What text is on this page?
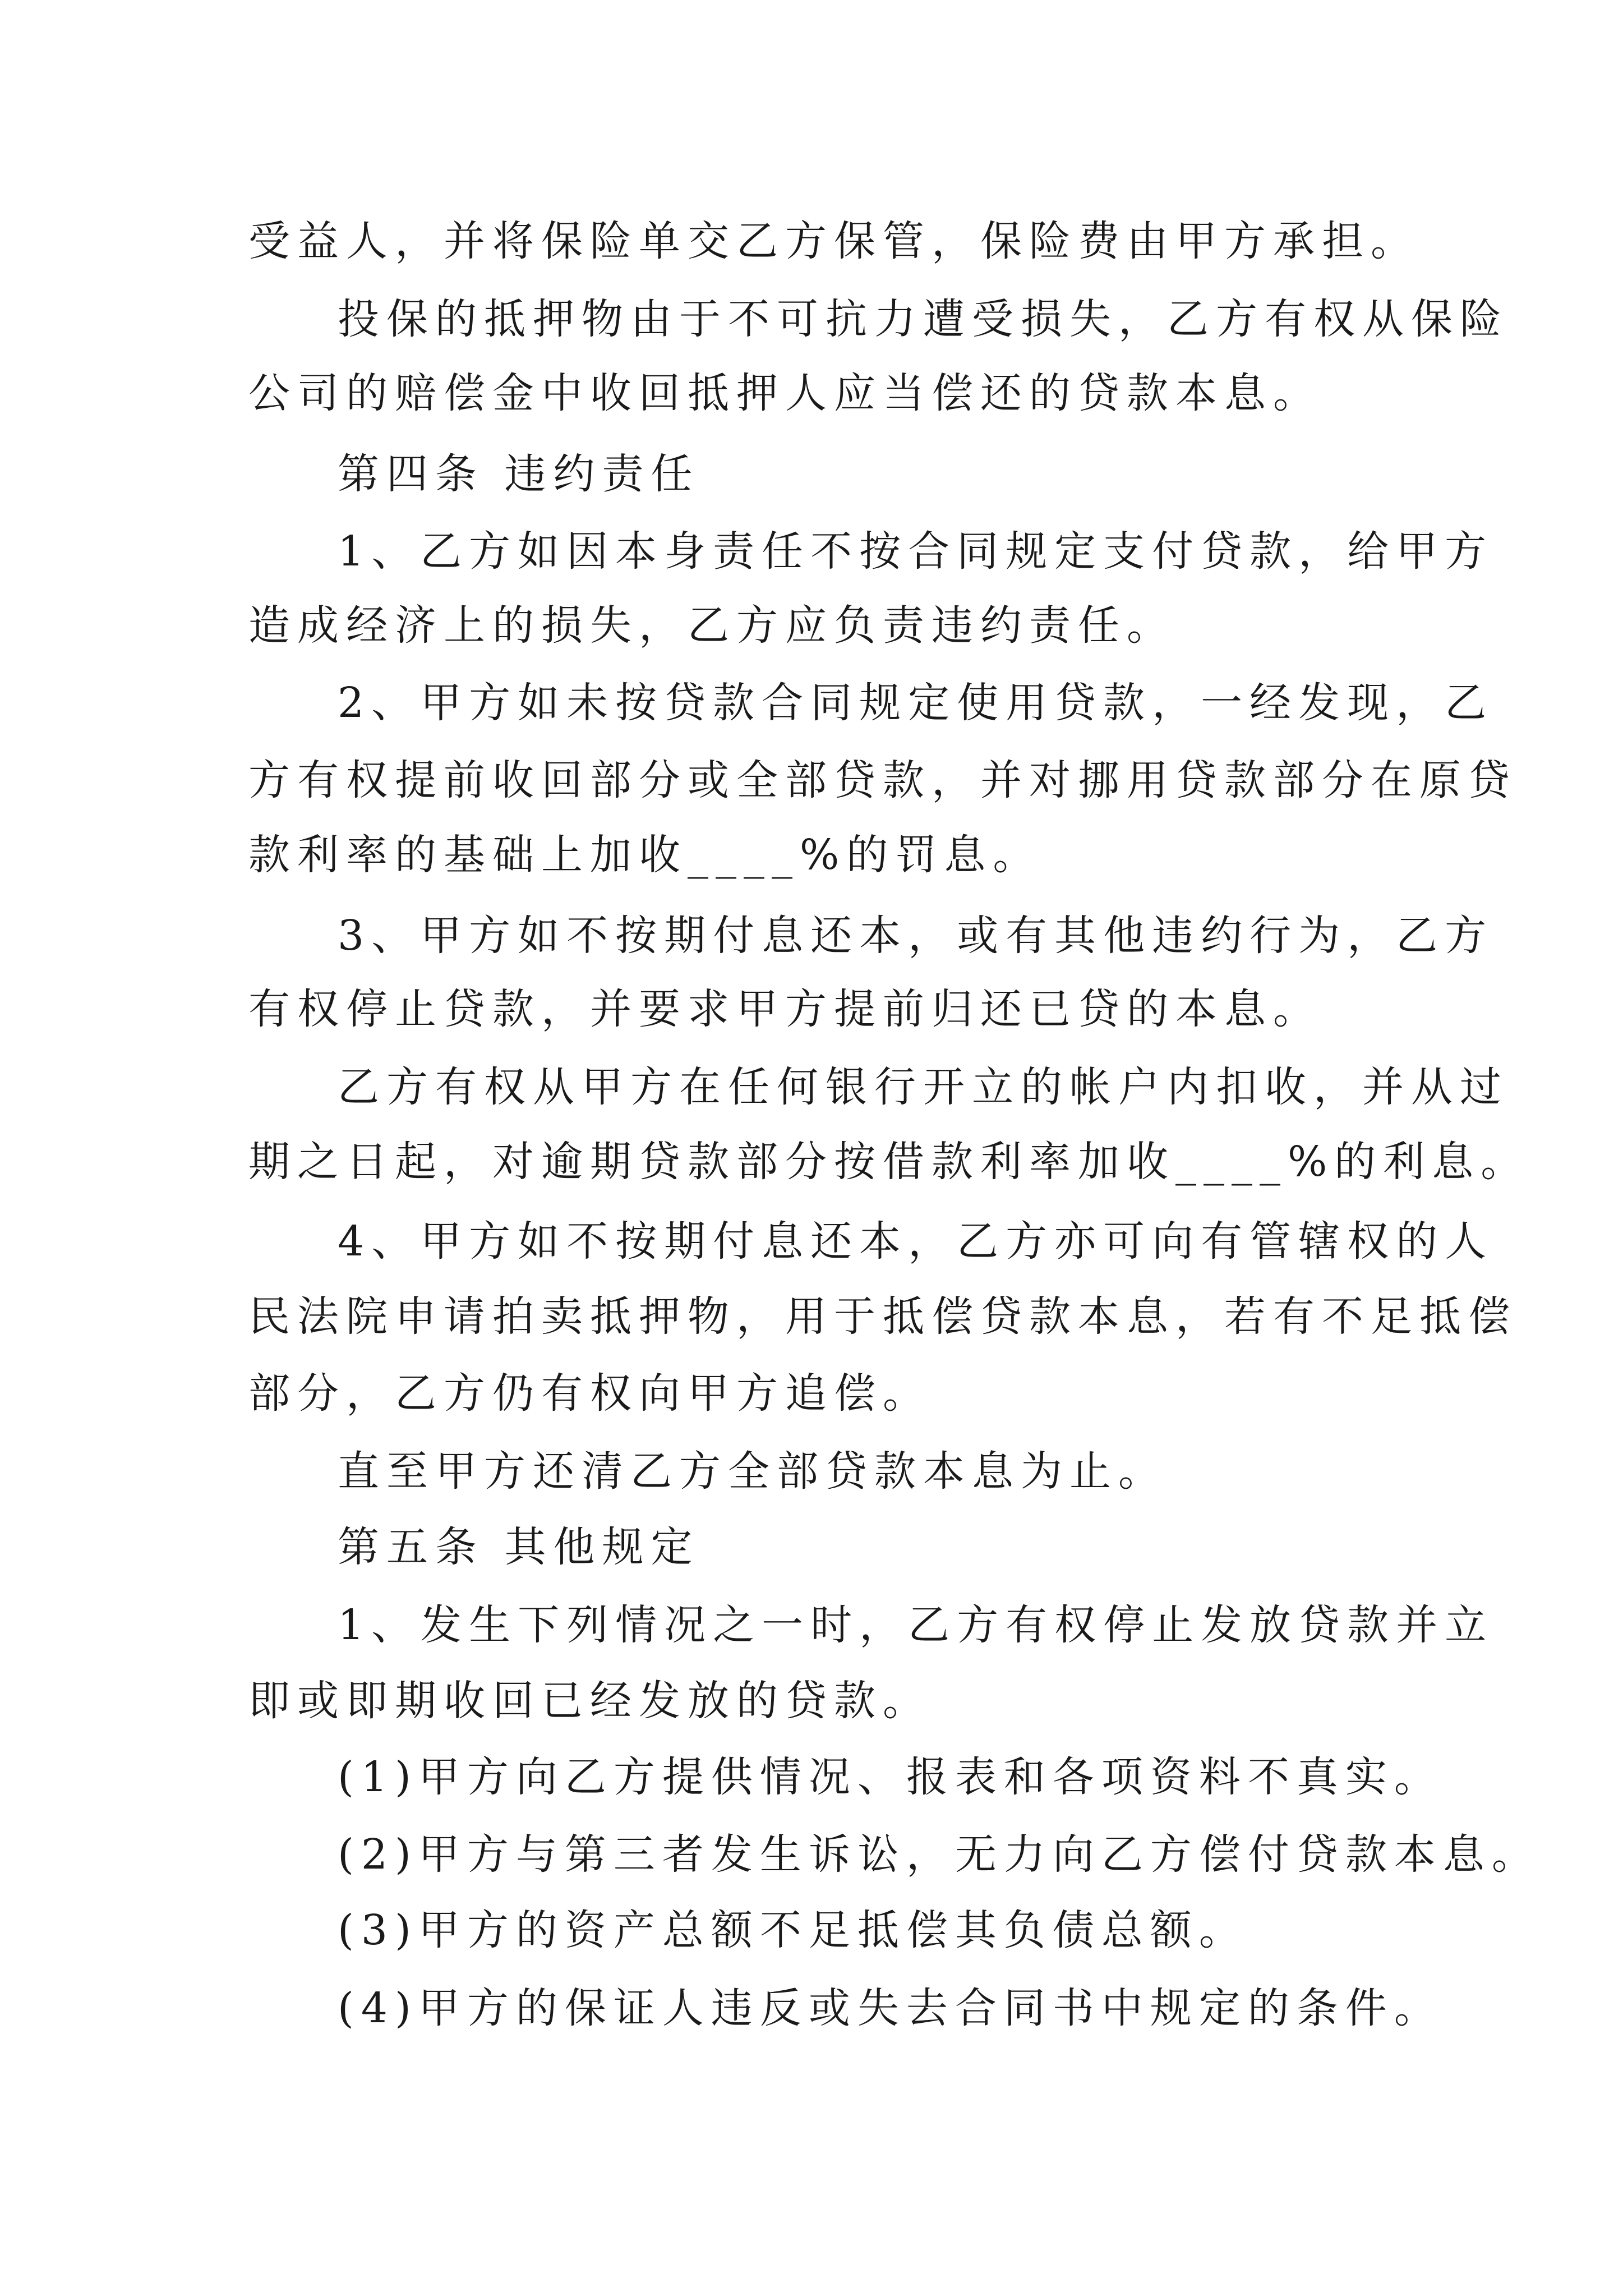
受益人，并将保险单交乙方保管，保险费由甲方承担。
投保的抵押物由于不可抗力遭受损失，乙方有权从保险
公司的赔偿金中收回抵押人应当偿还的贷款本息。
第四条 违约责任
1、乙方如因本身责任不按合同规定支付贷款，给甲方
造成经济上的损失，乙方应负责违约责任。
2、甲方如未按贷款合同规定使用贷款，一经发现，乙
方有权提前收回部分或全部贷款，并对挪用贷款部分在原贷
款利率的基础上加收____%的罚息。
3、甲方如不按期付息还本，或有其他违约行为，乙方
有权停止贷款，并要求甲方提前归还已贷的本息。
乙方有权从甲方在任何银行开立的帐户内扣收，并从过
期之日起，对逾期贷款部分按借款利率加收____%的利息。
4、甲方如不按期付息还本，乙方亦可向有管辖权的人
民法院申请拍卖抵押物，用于抵偿贷款本息，若有不足抵偿
部分，乙方仍有权向甲方追偿。
直至甲方还清乙方全部贷款本息为止。
第五条 其他规定
1、发生下列情况之一时，乙方有权停止发放贷款并立
即或即期收回已经发放的贷款。
(1)甲方向乙方提供情况、报表和各项资料不真实。
(2)甲方与第三者发生诉讼，无力向乙方偿付贷款本息。
(3)甲方的资产总额不足抵偿其负债总额。
(4)甲方的保证人违反或失去合同书中规定的条件。
